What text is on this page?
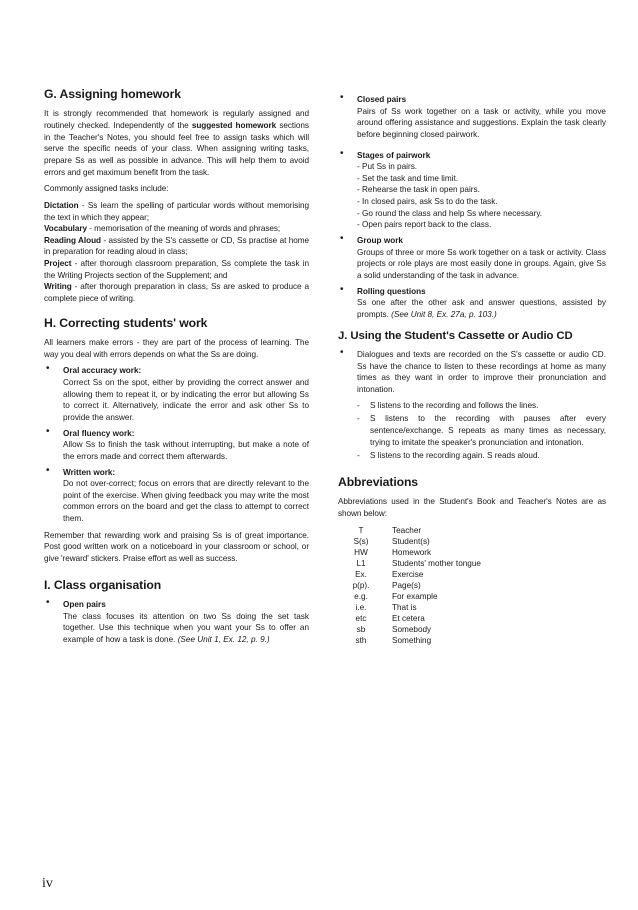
G. Assigning homework

It is strongly recommended that homework is regularly assigned and routinely checked. Independently of the suggested homework sections in the Teacher's Notes, you should feel free to assign tasks which will serve the specific needs of your class. When assigning writing tasks, prepare Ss as well as possible in advance. This will help them to avoid errors and get maximum benefit from the task.

Commonly assigned tasks include:

Dictation - Ss learn the spelling of particular words without memorising the text in which they appear;
Vocabulary - memorisation of the meaning of words and phrases;
Reading Aloud - assisted by the S's cassette or CD, Ss practise at home in preparation for reading aloud in class;
Project - after thorough classroom preparation, Ss complete the task in the Writing Projects section of the Supplement; and
Writing - after thorough preparation in class, Ss are asked to produce a complete piece of writing.

H. Correcting students' work

All learners make errors - they are part of the process of learning. The way you deal with errors depends on what the Ss are doing.

• Oral accuracy work:
Correct Ss on the spot, either by providing the correct answer and allowing them to repeat it, or by indicating the error but allowing Ss to correct it. Alternatively, indicate the error and ask other Ss to provide the answer.
• Oral fluency work:
Allow Ss to finish the task without interrupting, but make a note of the errors made and correct them afterwards.
• Written work:
Do not over-correct; focus on errors that are directly relevant to the point of the exercise. When giving feedback you may write the most common errors on the board and get the class to attempt to correct them.

Remember that rewarding work and praising Ss is of great importance. Post good written work on a noticeboard in your classroom or school, or give 'reward' stickers. Praise effort as well as success.

I. Class organisation
• Open pairs
The class focuses its attention on two Ss doing the set task together. Use this technique when you want your Ss to offer an example of how a task is done. (See Unit 1, Ex. 12, p. 9.)
• Closed pairs
Pairs of Ss work together on a task or activity, while you move around offering assistance and suggestions. Explain the task clearly before beginning closed pairwork.
• Stages of pairwork
- Put Ss in pairs.
- Set the task and time limit.
- Rehearse the task in open pairs.
- In closed pairs, ask Ss to do the task.
- Go round the class and help Ss where necessary.
- Open pairs report back to the class.
• Group work
Groups of three or more Ss work together on a task or activity. Class projects or role plays are most easily done in groups. Again, give Ss a solid understanding of the task in advance.
• Rolling questions
Ss one after the other ask and answer questions, assisted by prompts. (See Unit 8, Ex. 27a, p. 103.)
J. Using the Student's Cassette or Audio CD
• Dialogues and texts are recorded on the S's cassette or audio CD. Ss have the chance to listen to these recordings at home as many times as they want in order to improve their pronunciation and intonation.
- S listens to the recording and follows the lines.
- S listens to the recording with pauses after every sentence/exchange. S repeats as many times as necessary, trying to imitate the speaker's pronunciation and intonation.
- S listens to the recording again. S reads aloud.
Abbreviations

Abbreviations used in the Student's Book and Teacher's Notes are as shown below:

T	Teacher
S(s)	Student(s)
HW	Homework
L1	Students' mother tongue
Ex.	Exercise
p(p).	Page(s)
e.g.	For example
i.e.	That is
etc	Et cetera
sb	Somebody
sth	Something
iv
